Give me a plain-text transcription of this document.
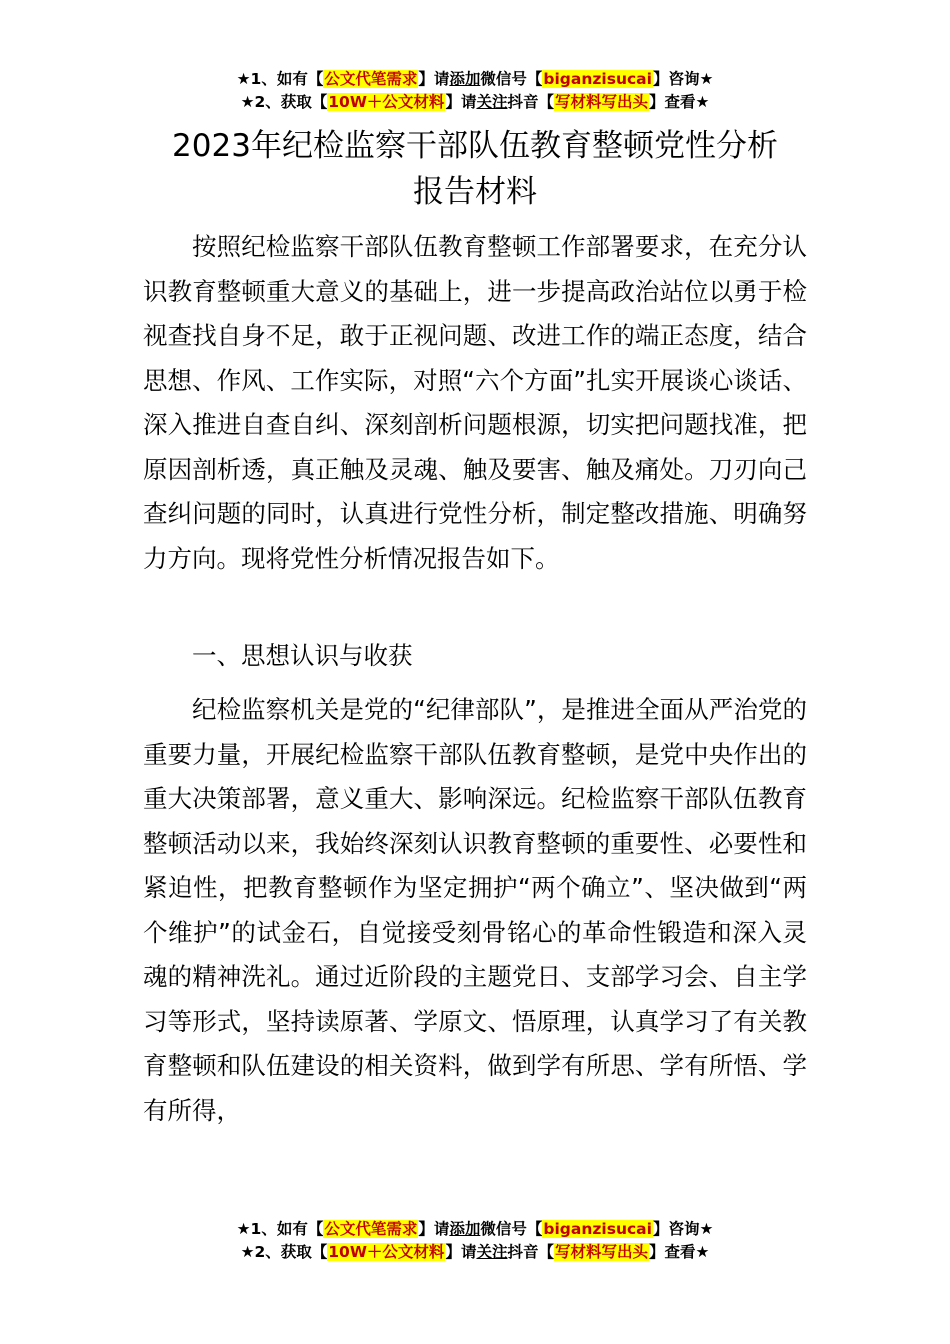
★1、如有【公文代笔需求】请添加微信号【biganzisucai】咨询★
★2、获取【10W＋公文材料】请关注抖音【写材料写出头】查看★
2023年纪检监察干部队伍教育整顿党性分析
报告材料

按照纪检监察干部队伍教育整顿工作部署要求，在充分认识教育整顿重大意义的基础上，进一步提高政治站位以勇于检视查找自身不足，敢于正视问题、改进工作的端正态度，结合思想、作风、工作实际，对照“六个方面”扎实开展谈心谈话、深入推进自查自纠、深刻剖析问题根源，切实把问题找准，把原因剖析透，真正触及灵魂、触及要害、触及痛处。刀刃向己查纠问题的同时，认真进行党性分析，制定整改措施、明确努力方向。现将党性分析情况报告如下。

一、思想认识与收获

纪检监察机关是党的“纪律部队”，是推进全面从严治党的重要力量，开展纪检监察干部队伍教育整顿，是党中央作出的重大决策部署，意义重大、影响深远。纪检监察干部队伍教育整顿活动以来，我始终深刻认识教育整顿的重要性、必要性和紧迫性，把教育整顿作为坚定拥护“两个确立”、坚决做到“两个维护”的试金石，自觉接受刻骨铭心的革命性锻造和深入灵魂的精神洗礼。通过近阶段的主题党日、支部学习会、自主学习等形式，坚持读原著、学原文、悟原理，认真学习了有关教育整顿和队伍建设的相关资料，做到学有所思、学有所悟、学有所得，

★1、如有【公文代笔需求】请添加微信号【biganzisucai】咨询★
★2、获取【10W＋公文材料】请关注抖音【写材料写出头】查看★
